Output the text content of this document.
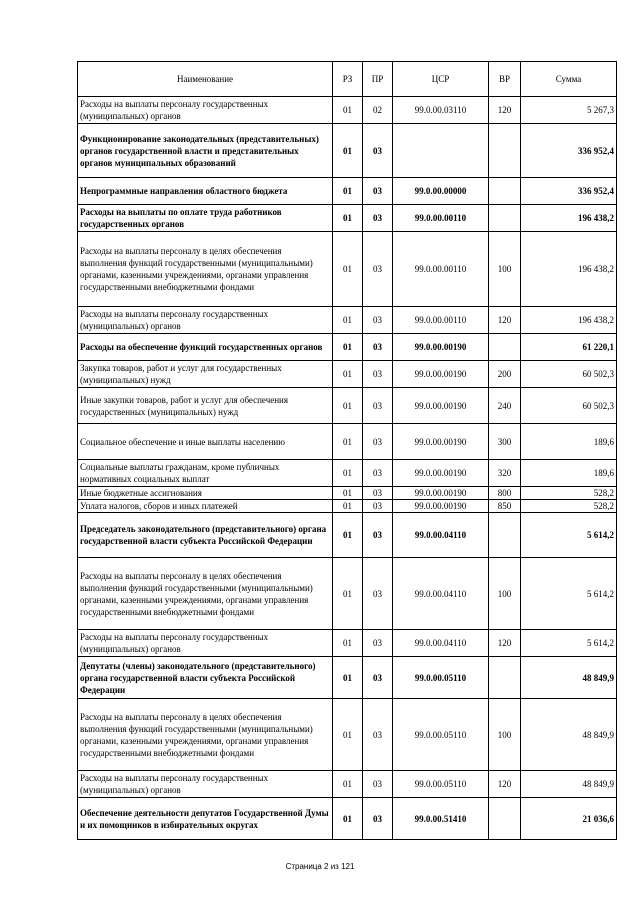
Наименование	РЗ	ПР	ЦСР	ВР	Сумма
Расходы на выплаты персоналу государственных (муниципальных) органов	01	02	99.0.00.03110	120	5 267,3
Функционирование законодательных (представительных) органов государственной власти и представительных органов муниципальных образований	01	03			336 952,4
Непрограммные направления областного бюджета	01	03	99.0.00.00000		336 952,4
Расходы на выплаты по оплате труда работников государственных органов	01	03	99.0.00.00110		196 438,2
Расходы на выплаты персоналу в целях обеспечения выполнения функций государственными (муниципальными) органами, казенными учреждениями, органами управления государственными внебюджетными фондами	01	03	99.0.00.00110	100	196 438,2
Расходы на выплаты персоналу государственных (муниципальных) органов	01	03	99.0.00.00110	120	196 438,2
Расходы на обеспечение функций государственных органов	01	03	99.0.00.00190		61 220,1
Закупка товаров, работ и услуг для государственных (муниципальных) нужд	01	03	99.0.00.00190	200	60 502,3
Иные закупки товаров, работ и услуг для обеспечения государственных (муниципальных) нужд	01	03	99.0.00.00190	240	60 502,3
Социальное обеспечение и иные выплаты населению	01	03	99.0.00.00190	300	189,6
Социальные выплаты гражданам, кроме публичных нормативных социальных выплат	01	03	99.0.00.00190	320	189,6
Иные бюджетные ассигнования	01	03	99.0.00.00190	800	528,2
Уплата налогов, сборов и иных платежей	01	03	99.0.00.00190	850	528,2
Председатель законодательного (представительного) органа государственной власти субъекта Российской Федерации	01	03	99.0.00.04110		5 614,2
Расходы на выплаты персоналу в целях обеспечения выполнения функций государственными (муниципальными) органами, казенными учреждениями, органами управления государственными внебюджетными фондами	01	03	99.0.00.04110	100	5 614,2
Расходы на выплаты персоналу государственных (муниципальных) органов	01	03	99.0.00.04110	120	5 614,2
Депутаты (члены) законодательного (представительного) органа государственной власти субъекта Российской Федерации	01	03	99.0.00.05110		48 849,9
Расходы на выплаты персоналу в целях обеспечения выполнения функций государственными (муниципальными) органами, казенными учреждениями, органами управления государственными внебюджетными фондами	01	03	99.0.00.05110	100	48 849,9
Расходы на выплаты персоналу государственных (муниципальных) органов	01	03	99.0.00.05110	120	48 849,9
Обеспечение деятельности депутатов Государственной Думы и их помощников в избирательных округах	01	03	99.0.00.51410		21 036,6
Страница 2 из 121
